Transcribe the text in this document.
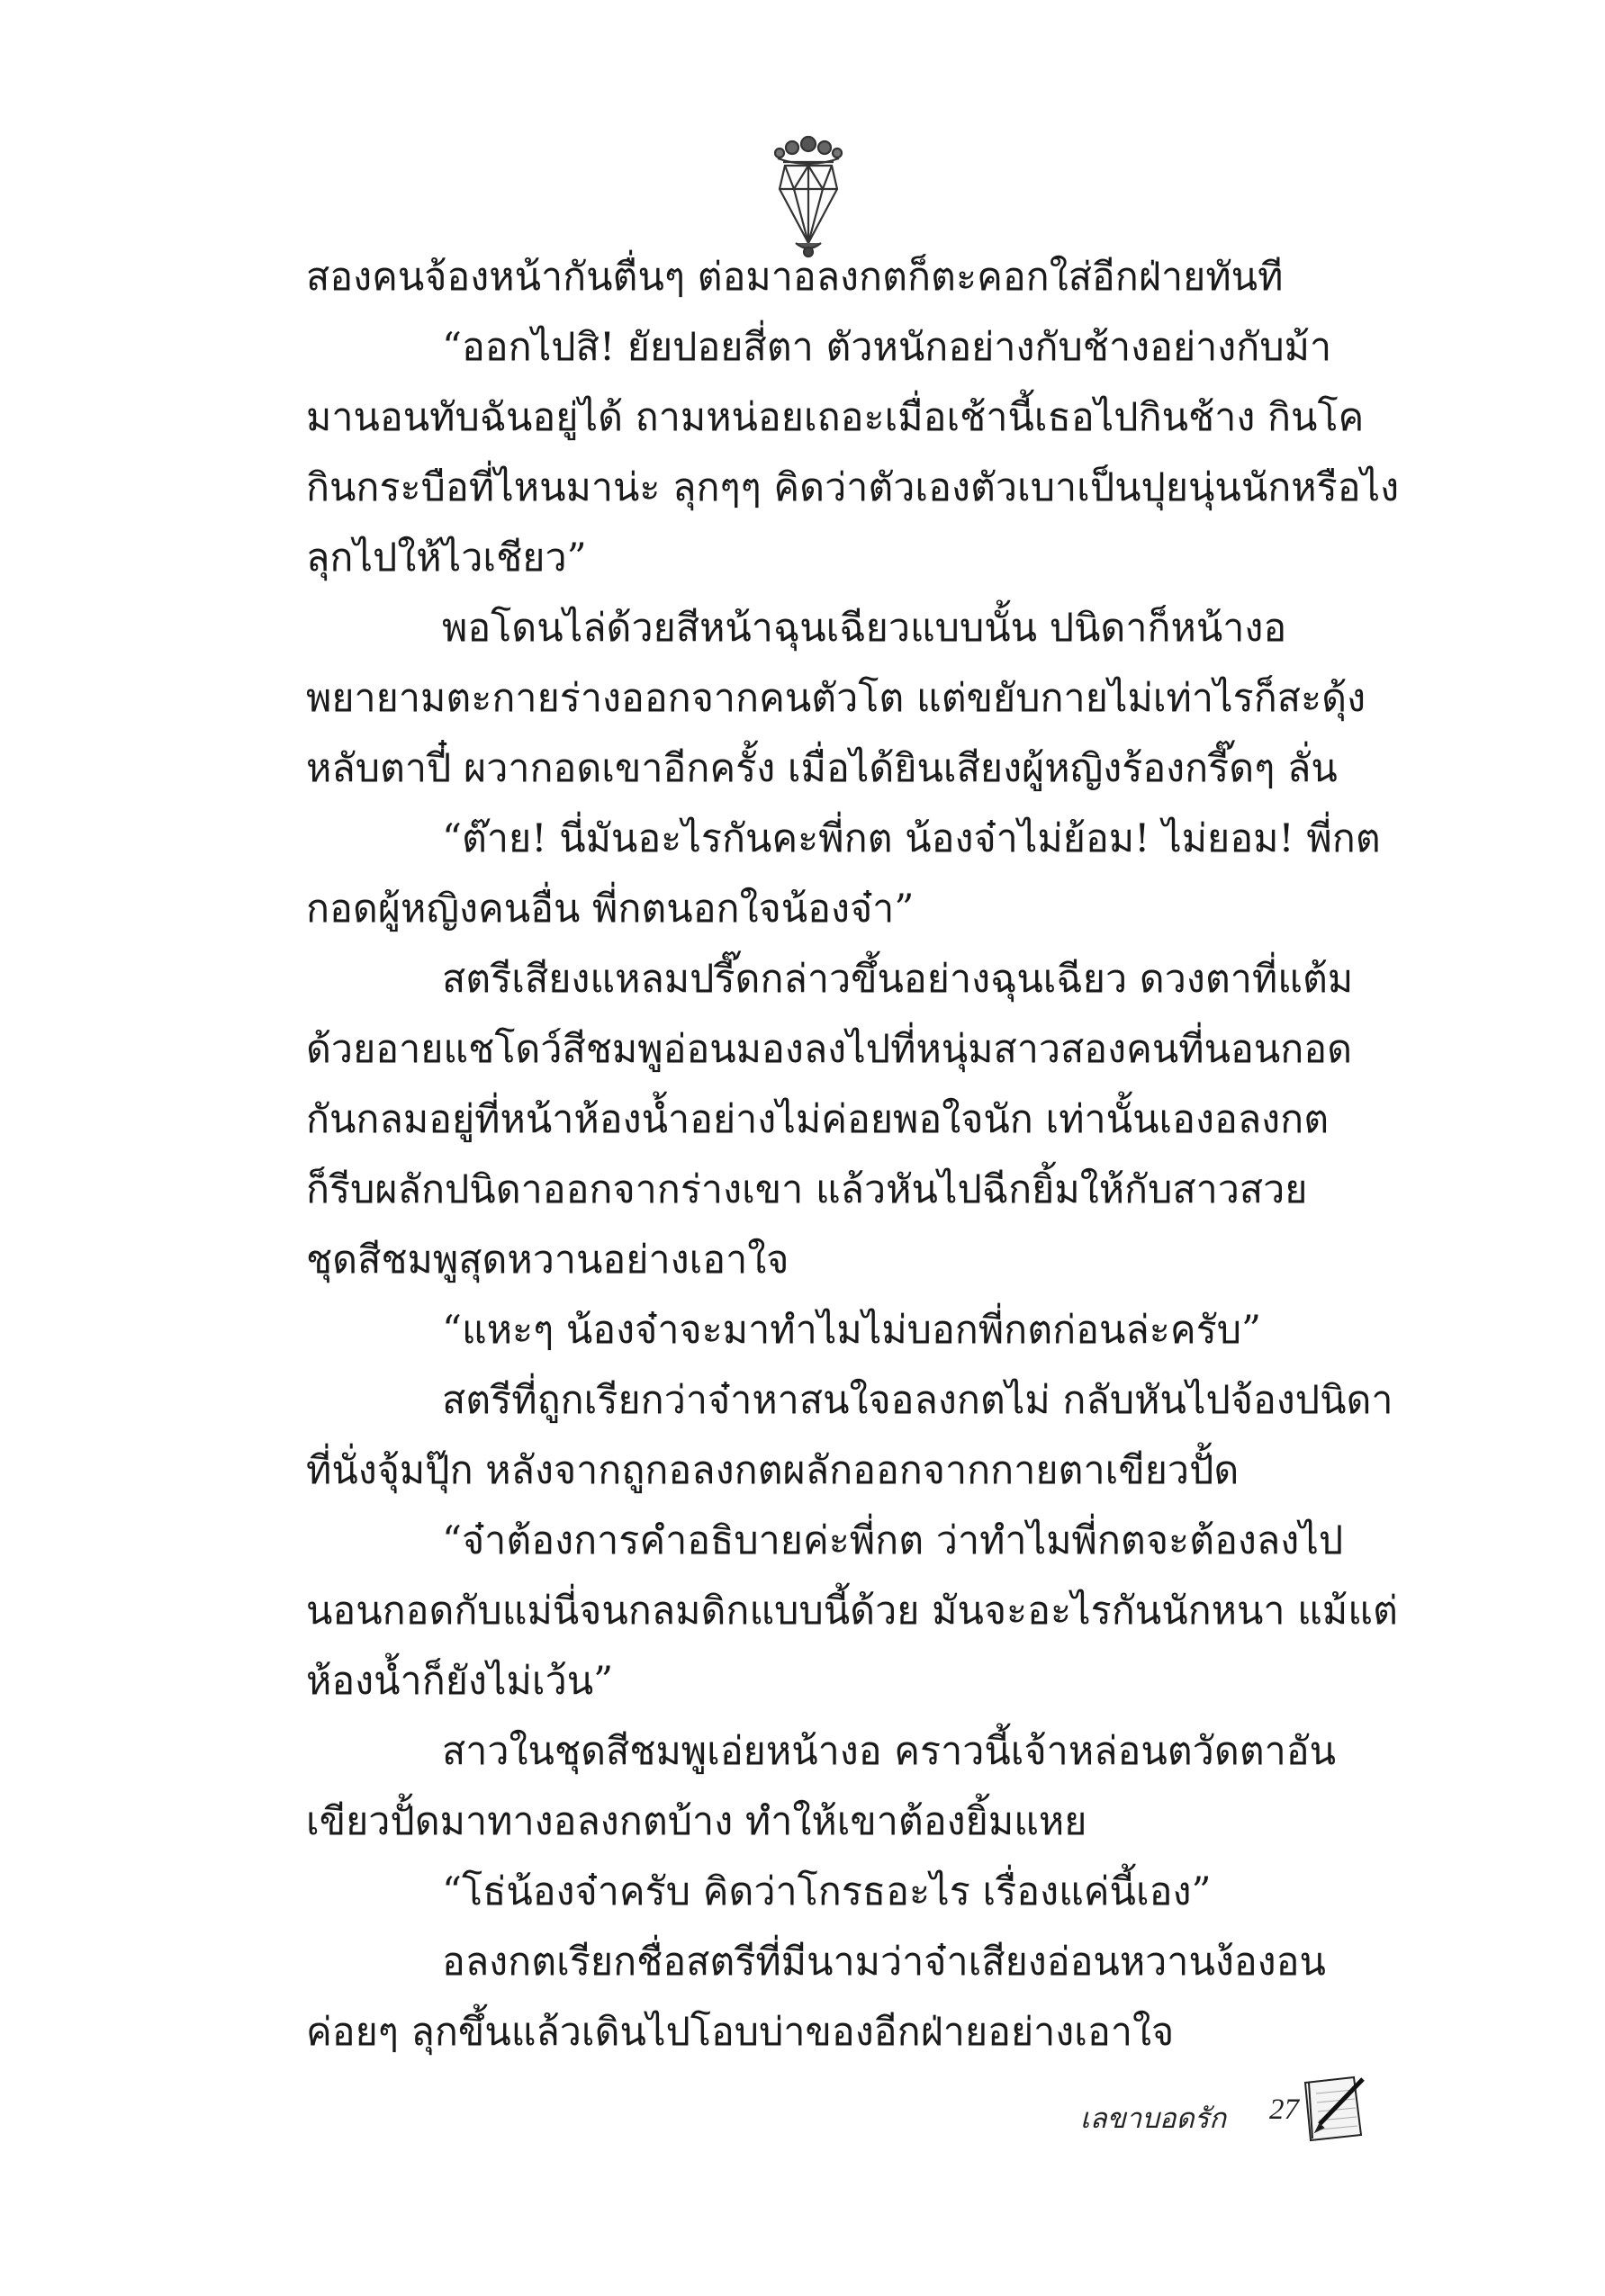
สองคนจ้องหน้ากันตื่นๆ ต่อมาอลงกตก็ตะคอกใส่อีกฝ่ายทันที
“ออกไปสิ! ยัยปอยสี่ตา ตัวหนักอย่างกับช้างอย่างกับม้า
มานอนทับฉันอยู่ได้ ถามหน่อยเถอะเมื่อเช้านี้เธอไปกินช้าง กินโค
กินกระบือที่ไหนมาน่ะ ลุกๆๆ คิดว่าตัวเองตัวเบาเป็นปุยนุ่นนักหรือไง
ลุกไปให้ไวเชียว”
พอโดนไล่ด้วยสีหน้าฉุนเฉียวแบบนั้น ปนิดาก็หน้างอ
พยายามตะกายร่างออกจากคนตัวโต แต่ขยับกายไม่เท่าไรก็สะดุ้ง
หลับตาปี๋ ผวากอดเขาอีกครั้ง เมื่อได้ยินเสียงผู้หญิงร้องกรี๊ดๆ ลั่น
“ต๊าย! นี่มันอะไรกันคะพี่กต น้องจ๋าไม่ย้อม! ไม่ยอม! พี่กต
กอดผู้หญิงคนอื่น พี่กตนอกใจน้องจ๋า”
สตรีเสียงแหลมปรี๊ดกล่าวขึ้นอย่างฉุนเฉียว ดวงตาที่แต้ม
ด้วยอายแชโดว์สีชมพูอ่อนมองลงไปที่หนุ่มสาวสองคนที่นอนกอด
กันกลมอยู่ที่หน้าห้องน้ำอย่างไม่ค่อยพอใจนัก เท่านั้นเองอลงกต
ก็รีบผลักปนิดาออกจากร่างเขา แล้วหันไปฉีกยิ้มให้กับสาวสวย
ชุดสีชมพูสุดหวานอย่างเอาใจ
“แหะๆ น้องจ๋าจะมาทำไมไม่บอกพี่กตก่อนล่ะครับ”
สตรีที่ถูกเรียกว่าจ๋าหาสนใจอลงกตไม่ กลับหันไปจ้องปนิดา
ที่นั่งจุ้มปุ๊ก หลังจากถูกอลงกตผลักออกจากกายตาเขียวปั้ด
“จ๋าต้องการคำอธิบายค่ะพี่กต ว่าทำไมพี่กตจะต้องลงไป
นอนกอดกับแม่นี่จนกลมดิกแบบนี้ด้วย มันจะอะไรกันนักหนา แม้แต่
ห้องน้ำก็ยังไม่เว้น”
สาวในชุดสีชมพูเอ่ยหน้างอ คราวนี้เจ้าหล่อนตวัดตาอัน
เขียวปั้ดมาทางอลงกตบ้าง ทำให้เขาต้องยิ้มแหย
“โธ่น้องจ๋าครับ คิดว่าโกรธอะไร เรื่องแค่นี้เอง”
อลงกตเรียกชื่อสตรีที่มีนามว่าจ๋าเสียงอ่อนหวานง้องอน
ค่อยๆ ลุกขึ้นแล้วเดินไปโอบบ่าของอีกฝ่ายอย่างเอาใจ
เลขาบอดรัก 27
